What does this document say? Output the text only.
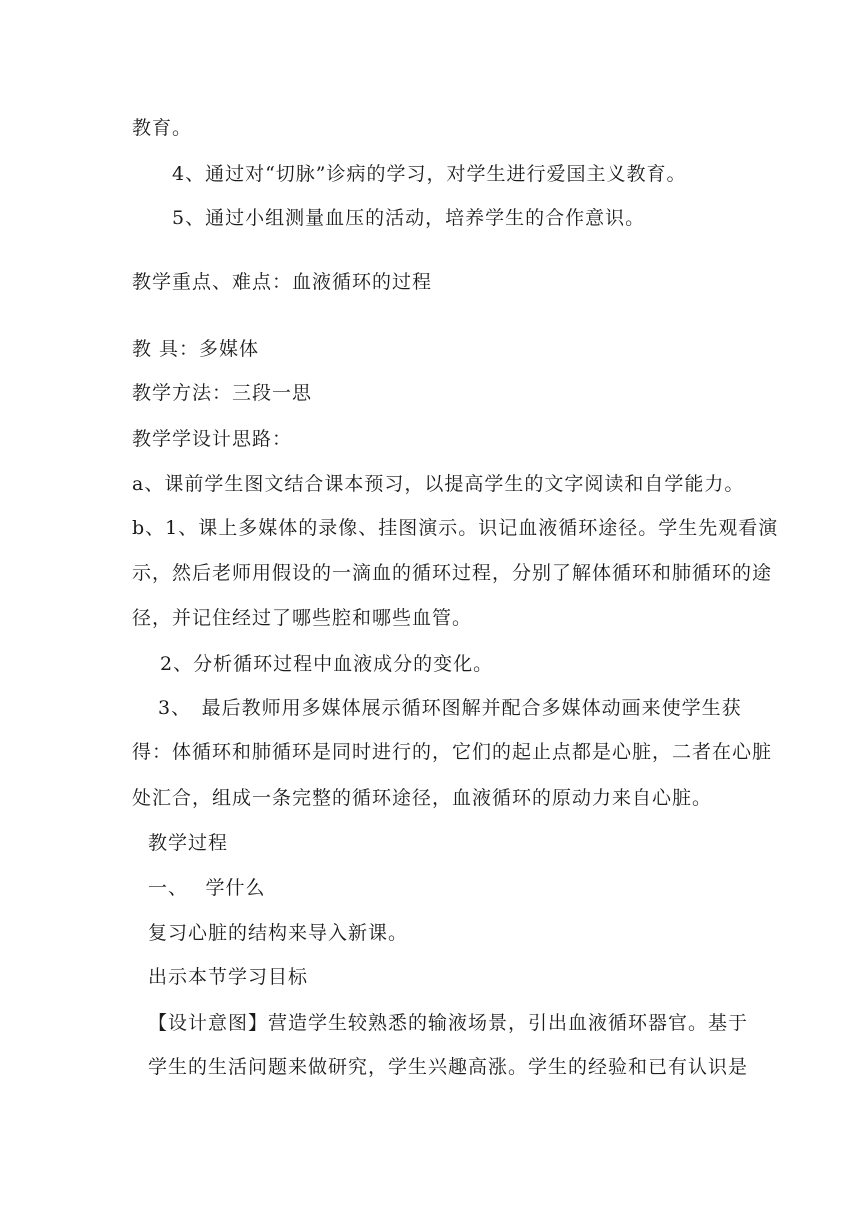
教育。
4、通过对“切脉”诊病的学习，对学生进行爱国主义教育。
5、通过小组测量血压的活动，培养学生的合作意识。
教学重点、难点：血液循环的过程
教 具：多媒体
教学方法：三段一思
教学学设计思路：
a、课前学生图文结合课本预习，以提高学生的文字阅读和自学能力。
b、1、课上多媒体的录像、挂图演示。识记血液循环途径。学生先观看演
示，然后老师用假设的一滴血的循环过程，分别了解体循环和肺循环的途
径，并记住经过了哪些腔和哪些血管。
2、分析循环过程中血液成分的变化。
3、　最后教师用多媒体展示循环图解并配合多媒体动画来使学生获
得：体循环和肺循环是同时进行的，它们的起止点都是心脏，二者在心脏
处汇合，组成一条完整的循环途径，血液循环的原动力来自心脏。
教学过程
一、　 学什么
复习心脏的结构来导入新课。
出示本节学习目标
【设计意图】营造学生较熟悉的输液场景，引出血液循环器官。基于
学生的生活问题来做研究，学生兴趣高涨。学生的经验和已有认识是
